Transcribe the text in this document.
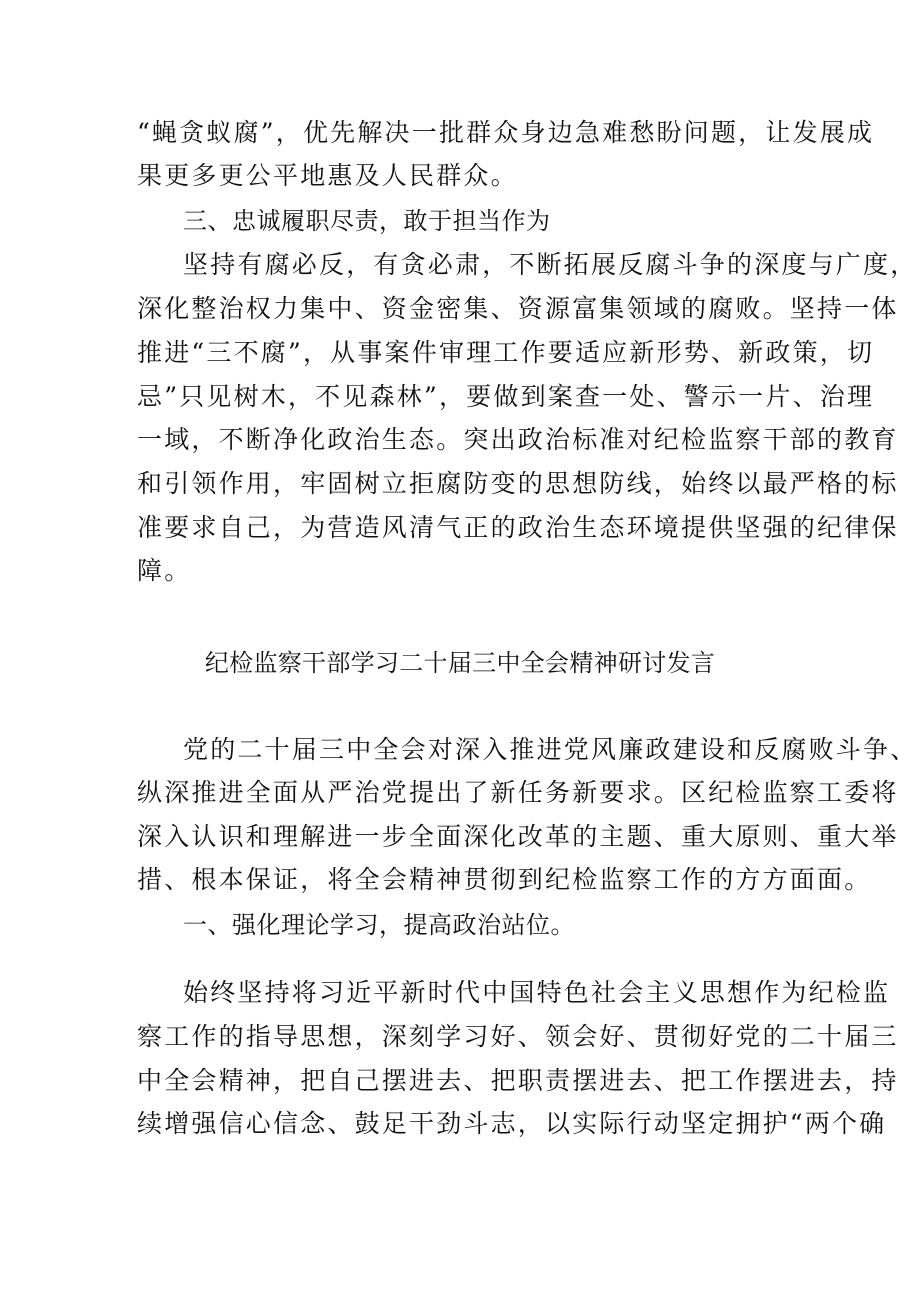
“蝇贪蚁腐”，优先解决一批群众身边急难愁盼问题，让发展成
果更多更公平地惠及人民群众。
三、忠诚履职尽责，敢于担当作为
坚持有腐必反，有贪必肃，不断拓展反腐斗争的深度与广度，
深化整治权力集中、资金密集、资源富集领域的腐败。坚持一体
推进“三不腐”，从事案件审理工作要适应新形势、新政策，切
忌”只见树木，不见森林”，要做到案查一处、警示一片、治理
一域，不断净化政治生态。突出政治标准对纪检监察干部的教育
和引领作用，牢固树立拒腐防变的思想防线，始终以最严格的标
准要求自己，为营造风清气正的政治生态环境提供坚强的纪律保
障。
纪检监察干部学习二十届三中全会精神研讨发言
党的二十届三中全会对深入推进党风廉政建设和反腐败斗争、
纵深推进全面从严治党提出了新任务新要求。区纪检监察工委将
深入认识和理解进一步全面深化改革的主题、重大原则、重大举
措、根本保证，将全会精神贯彻到纪检监察工作的方方面面。
一、强化理论学习，提高政治站位。
始终坚持将习近平新时代中国特色社会主义思想作为纪检监
察工作的指导思想，深刻学习好、领会好、贯彻好党的二十届三
中全会精神，把自己摆进去、把职责摆进去、把工作摆进去，持
续增强信心信念、鼓足干劲斗志，以实际行动坚定拥护“两个确
